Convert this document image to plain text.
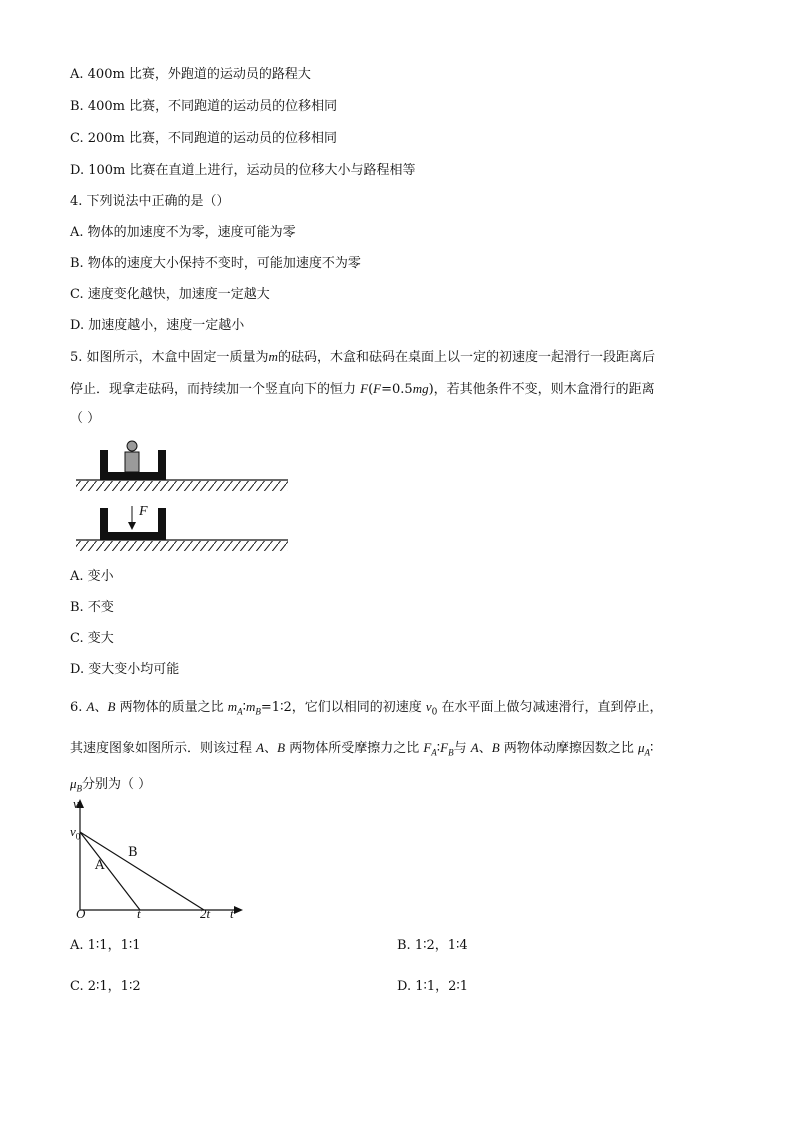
A. 400m 比赛，外跑道的运动员的路程大
B. 400m 比赛，不同跑道的运动员的位移相同
C. 200m 比赛，不同跑道的运动员的位移相同
D. 100m 比赛在直道上进行，运动员的位移大小与路程相等
4. 下列说法中正确的是（）
A. 物体的加速度不为零，速度可能为零
B. 物体的速度大小保持不变时，可能加速度不为零
C. 速度变化越快，加速度一定越大
D. 加速度越小，速度一定越小
5. 如图所示，木盒中固定一质量为m的砝码，木盒和砝码在桌面上以一定的初速度一起滑行一段距离后
停止．现拿走砝码，而持续加一个竖直向下的恒力 F(F=0.5mg)，若其他条件不变，则木盒滑行的距离
（ ）
F
A. 变小
B. 不变
C. 变大
D. 变大变小均可能
6. A、B 两物体的质量之比 $m_A∶m_B=1∶2$，它们以相同的初速度 $v_0$ 在水平面上做匀减速滑行，直到停止，
其速度图象如图所示．则该过程 A、B 两物体所受摩擦力之比 $F_A∶F_B$与 A、B 两物体动摩擦因数之比 $\mu_A∶$
$\mu_B$分别为（ ）
v
$v_0$
B
A
O	t	2t t
A. 1∶1，1∶1	B. 1∶2，1∶4
C. 2∶1，1∶2	D. 1∶1，2∶1
